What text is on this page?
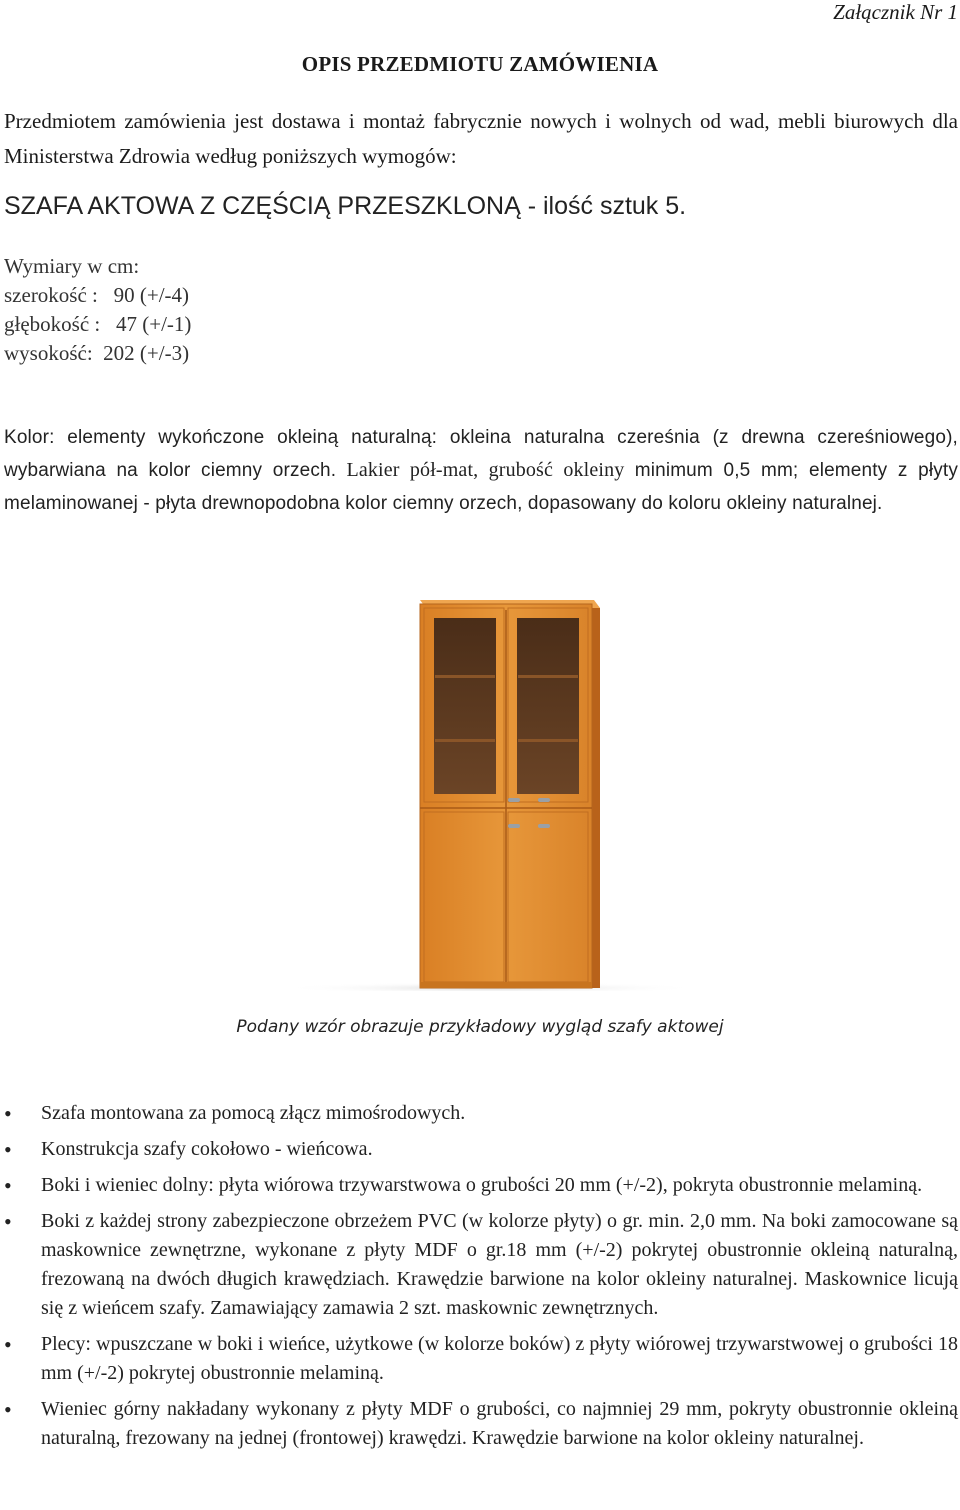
Załącznik Nr 1
OPIS PRZEDMIOTU ZAMÓWIENIA
Przedmiotem zamówienia jest dostawa i montaż fabrycznie nowych i wolnych od wad, mebli biurowych dla Ministerstwa Zdrowia według poniższych wymogów:
SZAFA AKTOWA Z CZĘŚCIĄ PRZESZKLONĄ - ilość sztuk 5.
Wymiary w cm:
szerokość :   90 (+/-4)
głębokość :   47 (+/-1)
wysokość:  202 (+/-3)
Kolor: elementy wykończone okleiną naturalną: okleina naturalna czereśnia (z drewna czereśniowego), wybarwiana na kolor ciemny orzech. Lakier pół-mat, grubość okleiny minimum 0,5 mm; elementy z płyty melaminowanej - płyta drewnopodobna kolor ciemny orzech, dopasowany do koloru okleiny naturalnej.
Podany wzór obrazuje przykładowy wygląd szafy aktowej
• Szafa montowana za pomocą złącz mimośrodowych.
• Konstrukcja szafy cokołowo - wieńcowa.
• Boki i wieniec dolny: płyta wiórowa trzywarstwowa o grubości 20 mm (+/-2), pokryta obustronnie melaminą.
• Boki z każdej strony zabezpieczone obrzeżem PVC (w kolorze płyty) o gr. min. 2,0 mm. Na boki zamocowane są maskownice zewnętrzne, wykonane z płyty MDF o gr.18 mm (+/-2) pokrytej obustronnie okleiną naturalną, frezowaną na dwóch długich krawędziach. Krawędzie barwione na kolor okleiny naturalnej. Maskownice licują się z wieńcem szafy. Zamawiający zamawia 2 szt. maskownic zewnętrznych.
• Plecy: wpuszczane w boki i wieńce, użytkowe (w kolorze boków) z płyty wiórowej trzywarstwowej o grubości 18 mm (+/-2) pokrytej obustronnie melaminą.
• Wieniec górny nakładany wykonany z płyty MDF o grubości, co najmniej 29 mm, pokryty obustronnie okleiną naturalną, frezowany na jednej (frontowej) krawędzi. Krawędzie barwione na kolor okleiny naturalnej.
